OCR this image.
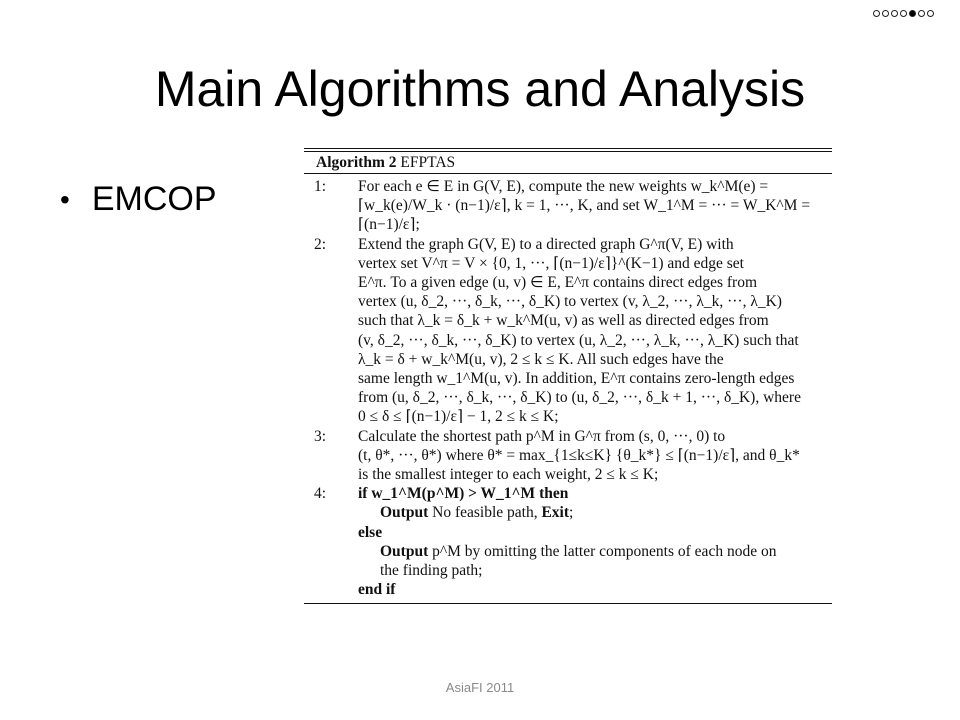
Main Algorithms and Analysis
• EMCOP
Algorithm 2 EFPTAS
1:	For each e ∈ E in G(V, E), compute the new weights w_k^M(e) =
⌈w_k(e)/W_k · (n−1)/ε⌉, k = 1, ···, K, and set W_1^M = ··· = W_K^M =
⌈(n−1)/ε⌉;
2:	Extend the graph G(V, E) to a directed graph G^π(V, E) with
vertex set V^π = V × {0, 1, ···, ⌈(n−1)/ε⌉}^(K−1) and edge set
E^π. To a given edge (u, v) ∈ E, E^π contains direct edges from
vertex (u, δ_2, ···, δ_k, ···, δ_K) to vertex (v, λ_2, ···, λ_k, ···, λ_K)
such that λ_k = δ_k + w_k^M(u, v) as well as directed edges from
(v, δ_2, ···, δ_k, ···, δ_K) to vertex (u, λ_2, ···, λ_k, ···, λ_K) such that
λ_k = δ + w_k^M(u, v), 2 ≤ k ≤ K. All such edges have the
same length w_1^M(u, v). In addition, E^π contains zero-length edges
from (u, δ_2, ···, δ_k, ···, δ_K) to (u, δ_2, ···, δ_k + 1, ···, δ_K), where
0 ≤ δ ≤ ⌈(n−1)/ε⌉ − 1, 2 ≤ k ≤ K;
3:	Calculate the shortest path p^M in G^π from (s, 0, ···, 0) to
(t, θ*, ···, θ*) where θ* = max_{1≤k≤K} {θ_k*} ≤ ⌈(n−1)/ε⌉, and θ_k*
is the smallest integer to each weight, 2 ≤ k ≤ K;
4:	if w_1^M(p^M) > W_1^M then
Output No feasible path, Exit;
else
Output p^M by omitting the latter components of each node on
the finding path;
end if
AsiaFI 2011
